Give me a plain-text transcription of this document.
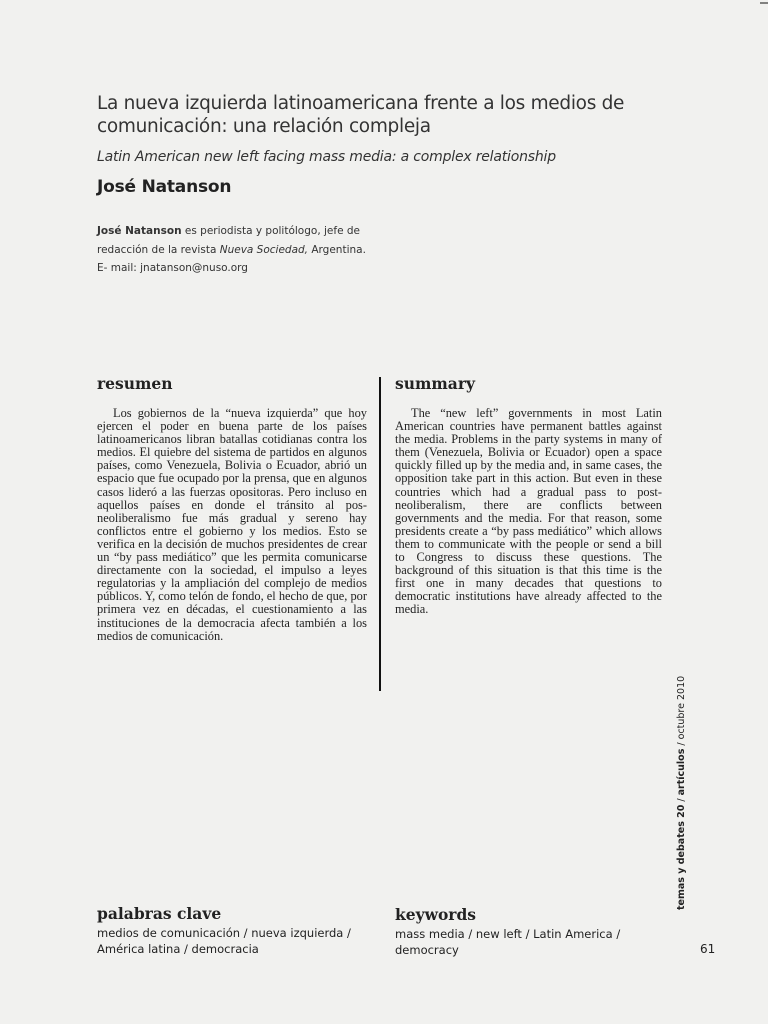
La nueva izquierda latinoamericana frente a los medios de comunicación: una relación compleja
Latin American new left facing mass media: a complex relationship
José Natanson
José Natanson es periodista y politólogo, jefe de redacción de la revista Nueva Sociedad, Argentina.
E- mail: jnatanson@nuso.org
resumen

Los gobiernos de la “nueva izquierda” que hoy ejercen el poder en buena parte de los países latinoamericanos libran batallas cotidianas contra los medios. El quiebre del sistema de partidos en algunos países, como Venezuela, Bolivia o Ecuador, abrió un espacio que fue ocupado por la prensa, que en algunos casos lideró a las fuerzas opositoras. Pero incluso en aquellos países en donde el tránsito al pos-neoliberalismo fue más gradual y sereno hay conflictos entre el gobierno y los medios. Esto se verifica en la decisión de muchos presidentes de crear un “by pass mediático” que les permita comunicarse directamente con la sociedad, el impulso a leyes regulatorias y la ampliación del complejo de medios públicos. Y, como telón de fondo, el hecho de que, por primera vez en décadas, el cuestionamiento a las instituciones de la democracia afecta también a los medios de comunicación.

summary

The “new left” governments in most Latin American countries have permanent battles against the media. Problems in the party systems in many of them (Venezuela, Bolivia or Ecuador) open a space quickly filled up by the media and, in same cases, the opposition take part in this action. But even in these countries which had a gradual pass to post-neoliberalism, there are conflicts between governments and the media. For that reason, some presidents create a “by pass mediático” which allows them to communicate with the people or send a bill to Congress to discuss these questions. The background of this situation is that this time is the first one in many decades that questions to democratic institutions have already affected to the media.

temas y debates 20 / artículos / octubre 2010
palabras clave
medios de comunicación / nueva izquierda / América latina / democracia
keywords
mass media / new left / Latin America / democracy	61
